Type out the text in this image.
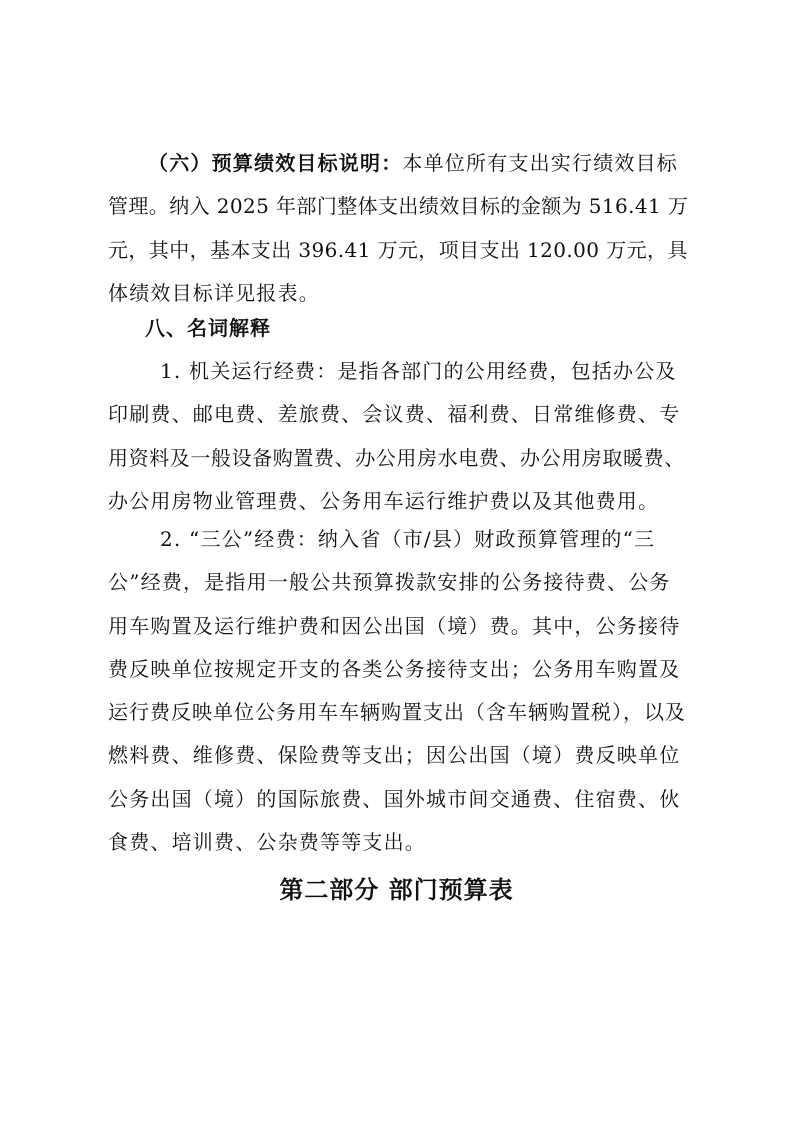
（六）预算绩效目标说明：本单位所有支出实行绩效目标
管理。纳入 2025 年部门整体支出绩效目标的金额为 516.41 万
元，其中，基本支出 396.41 万元，项目支出 120.00 万元，具
体绩效目标详见报表。
八、名词解释
1. 机关运行经费：是指各部门的公用经费，包括办公及
印刷费、邮电费、差旅费、会议费、福利费、日常维修费、专
用资料及一般设备购置费、办公用房水电费、办公用房取暖费、
办公用房物业管理费、公务用车运行维护费以及其他费用。
2. “三公”经费：纳入省（市/县）财政预算管理的“三
公”经费，是指用一般公共预算拨款安排的公务接待费、公务
用车购置及运行维护费和因公出国（境）费。其中，公务接待
费反映单位按规定开支的各类公务接待支出；公务用车购置及
运行费反映单位公务用车车辆购置支出（含车辆购置税），以及
燃料费、维修费、保险费等支出；因公出国（境）费反映单位
公务出国（境）的国际旅费、国外城市间交通费、住宿费、伙
食费、培训费、公杂费等等支出。
第二部分 部门预算表
